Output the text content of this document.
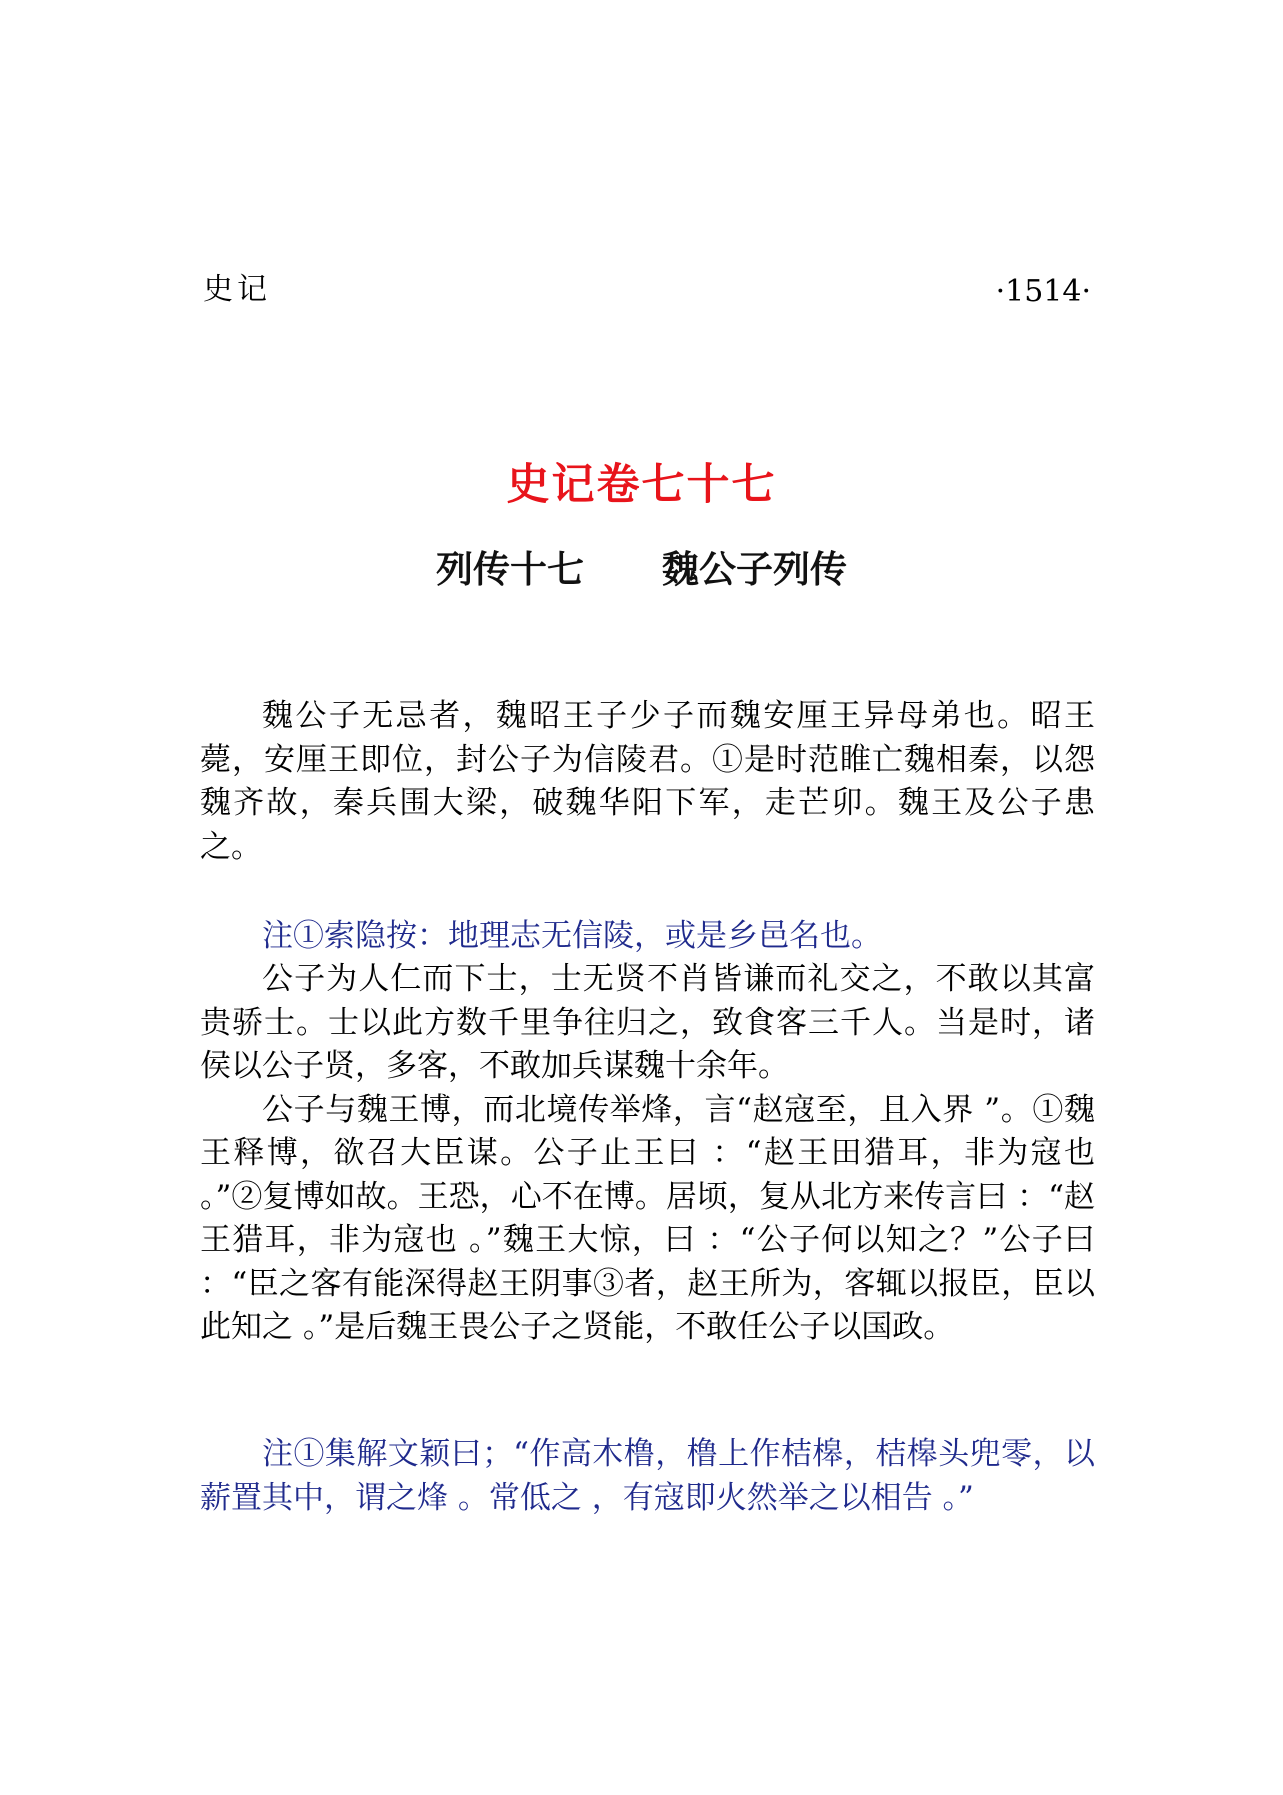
史记	·1514·
史记卷七十七
列传十七 魏公子列传

魏公子无忌者，魏昭王子少子而魏安厘王异母弟也。昭王薨，安厘王即位，封公子为信陵君。①是时范睢亡魏相秦，以怨魏齐故，秦兵围大梁，破魏华阳下军，走芒卯。魏王及公子患之。

注①索隐按：地理志无信陵，或是乡邑名也。

公子为人仁而下士，士无贤不肖皆谦而礼交之，不敢以其富贵骄士。士以此方数千里争往归之，致食客三千人。当是时，诸侯以公子贤，多客，不敢加兵谋魏十余年。

公子与魏王博，而北境传举烽，言“赵寇至，且入界 ”。①魏王释博，欲召大臣谋。公子止王曰 ：“赵王田猎耳，非为寇也 。”②复博如故。王恐，心不在博。居顷，复从北方来传言曰 ：“赵王猎耳，非为寇也 。”魏王大惊，曰 ：“公子何以知之？”公子曰 ：“臣之客有能深得赵王阴事③者，赵王所为，客辄以报臣，臣以此知之 。”是后魏王畏公子之贤能，不敢任公子以国政。

注①集解文颖曰；“作高木橹，橹上作桔槔，桔槔头兜零，以薪置其中，谓之烽 。常低之 ，有寇即火然举之以相告 。”
